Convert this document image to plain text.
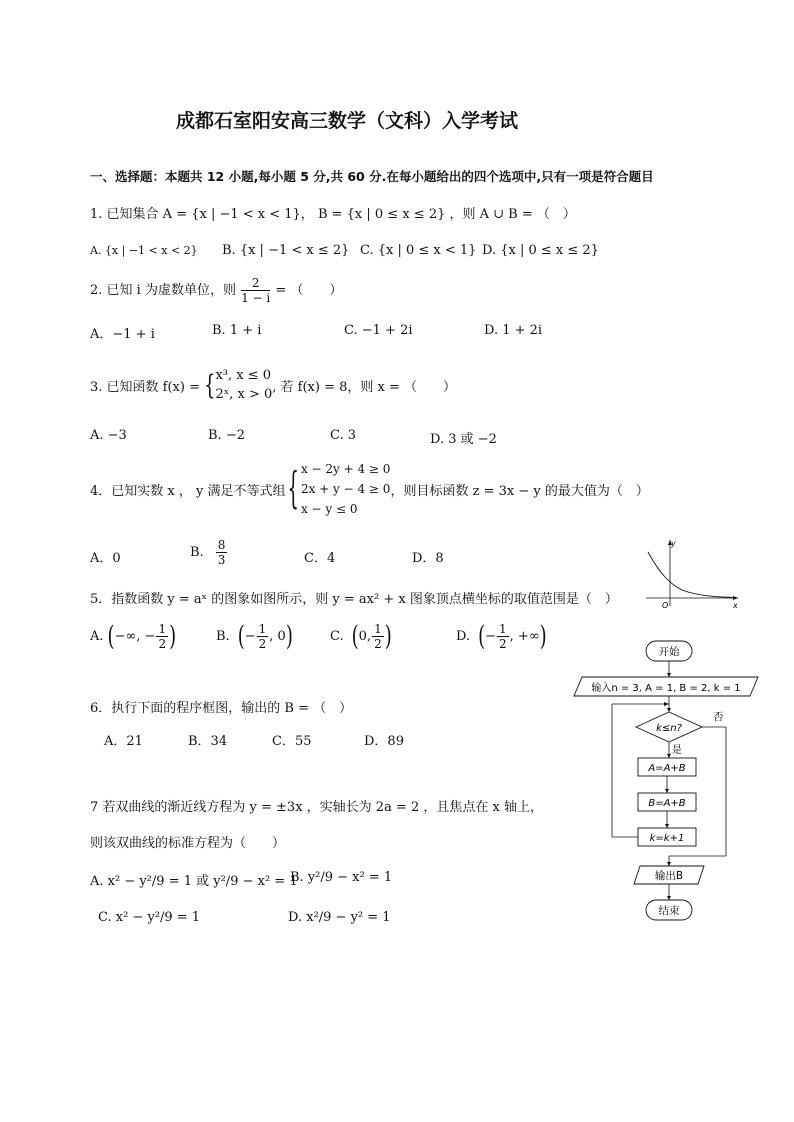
成都石室阳安高三数学（文科）入学考试
一、选择题：本题共 12 小题,每小题 5 分,共 60 分.在每小题给出的四个选项中,只有一项是符合题目
1. 已知集合 A = {x | −1 < x < 1}， B = {x | 0 ≤ x ≤ 2} ，则 A ∪ B = （　）
A. {x | −1 < x < 2} B. {x | −1 < x ≤ 2} C. {x | 0 ≤ x < 1} D. {x | 0 ≤ x ≤ 2}
2. 已知 i 为虚数单位，则 $\frac{2}{1 - i}$ = （　　）
A．−1 + i	B. 1 + i	C. −1 + 2i	D. 1 + 2i
3. 已知函数 f(x) = { x³, x ≤ 0
2ˣ, x > 0 , 若 f(x) = 8，则 x = （　　）
A. −3	B. −2	C. 3	D. 3 或 −2
4．已知实数 x ， y 满足不等式组 { x − 2y + 4 ≥ 0
2x + y − 4 ≥ 0
x − y ≤ 0
，则目标函数 z = 3x − y 的最大值为（　）
A．0	B. $\frac{8}{3}$	C．4	D．8
5．指数函数 y = aˣ 的图象如图所示，则 y = ax² + x 图象顶点横坐标的取值范围是（　）
A. ( −∞, − $\frac{1}{2}$ )	B. ( − $\frac{1}{2}$ , 0 )	C. ( 0, $\frac{1}{2}$ )	D. ( − $\frac{1}{2}$ , +∞ )
y
x
O
6．执行下面的程序框图，输出的 B = （　）
A．21	B．34	C．55	D．89
开始
输入n = 3, A = 1, B = 2, k = 1
k≤n?
否
是
A=A+B
B=A+B
k=k+1
输出B
结束
7 若双曲线的渐近线方程为 y = ±3x ，实轴长为 2a = 2 ，且焦点在 x 轴上，
则该双曲线的标准方程为（　　）
A. x² − y²/9 = 1 或 y²/9 − x² = 1
B. y²/9 − x² = 1
C. x² − y²/9 = 1	D. x²/9 − y² = 1
